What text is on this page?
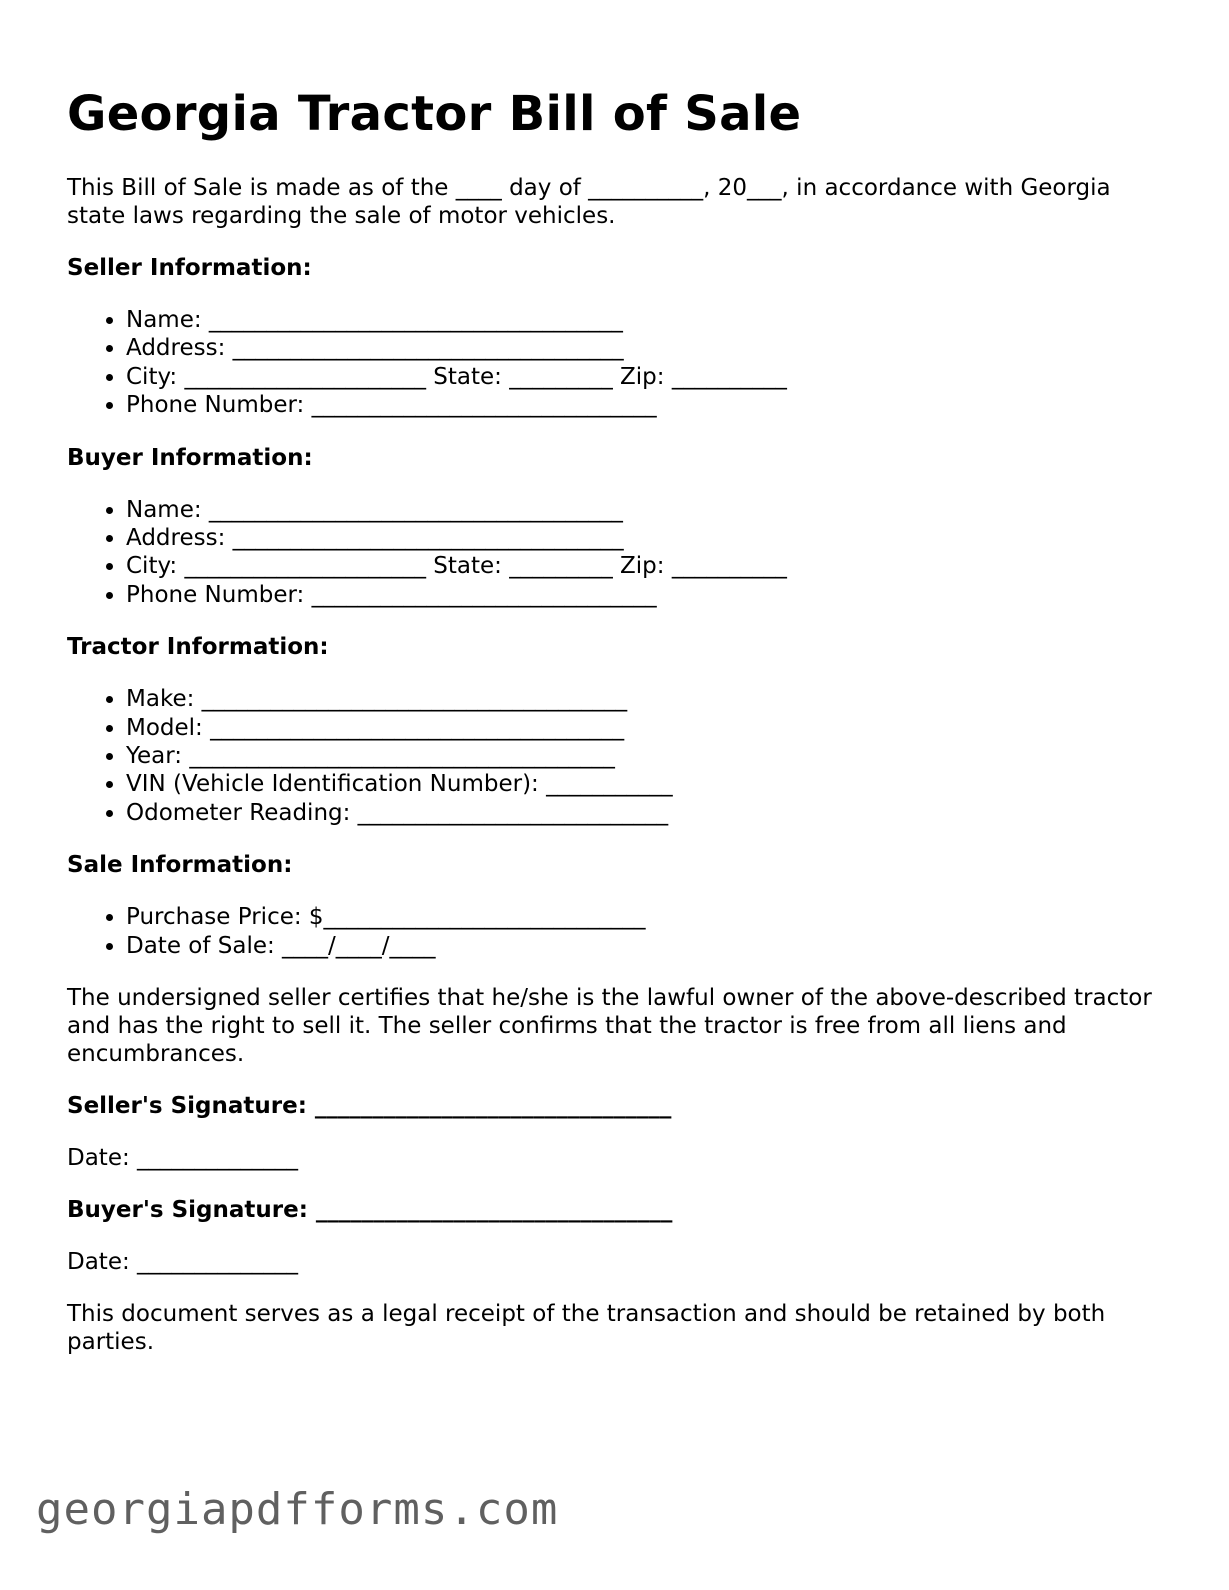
Georgia Tractor Bill of Sale

This Bill of Sale is made as of the ____ day of __________, 20___, in accordance with Georgia state laws regarding the sale of motor vehicles.

Seller Information:
• Name: ____________________________________
• Address: __________________________________
• City: _____________________ State: _________ Zip: __________
• Phone Number: ______________________________
Buyer Information:
• Name: ____________________________________
• Address: __________________________________
• City: _____________________ State: _________ Zip: __________
• Phone Number: ______________________________
Tractor Information:
• Make: _____________________________________
• Model: ____________________________________
• Year: _____________________________________
• VIN (Vehicle Identification Number): ___________
• Odometer Reading: ___________________________
Sale Information:
• Purchase Price: $____________________________
• Date of Sale: ____/____/____

The undersigned seller certifies that he/she is the lawful owner of the above-described tractor and has the right to sell it. The seller confirms that the tractor is free from all liens and encumbrances.

Seller's Signature: _______________________________
Date: ______________
Buyer's Signature: _______________________________
Date: ______________

This document serves as a legal receipt of the transaction and should be retained by both parties.

georgiapdfforms.com
